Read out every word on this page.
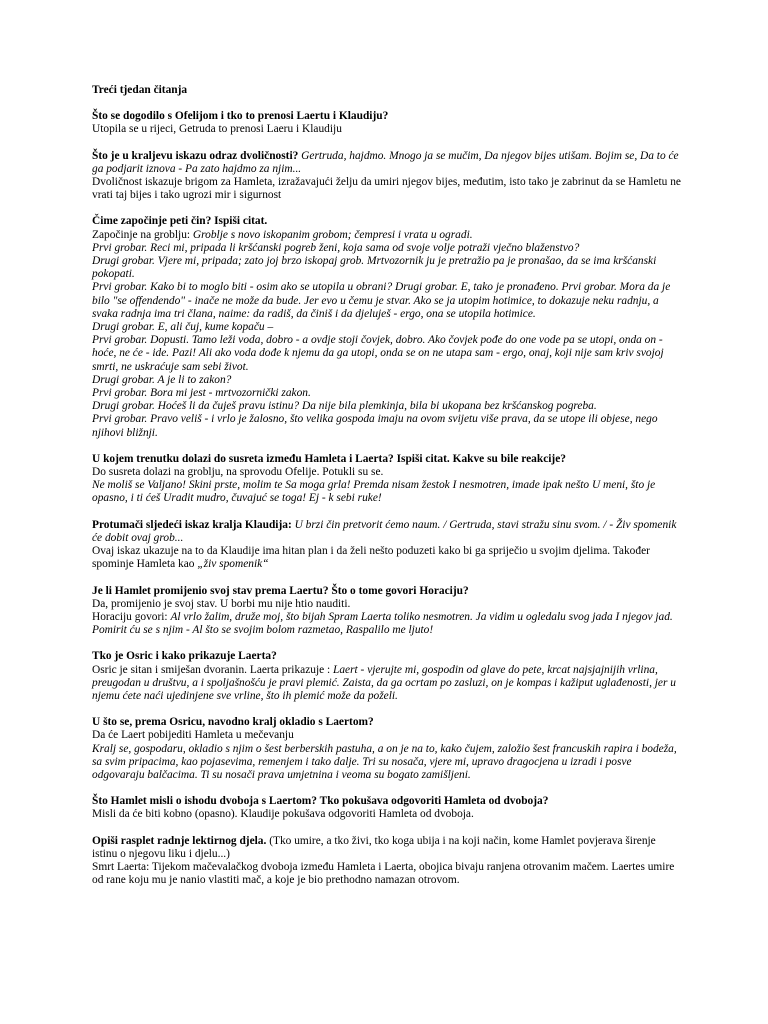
Treći tjedan čitanja
Što se dogodilo s Ofelijom i tko to prenosi Laertu i Klaudiju?
Utopila se u rijeci, Getruda to prenosi Laeru i Klaudiju
Što je u kraljevu iskazu odraz dvoličnosti? Gertruda, hajdmo. Mnogo ja se mučim, Da njegov bijes utišam. Bojim se, Da to će ga podjarit iznova - Pa zato hajdmo za njim...
Dvoličnost iskazuje brigom za Hamleta, izražavajući želju da umiri njegov bijes, međutim, isto tako je zabrinut da se Hamletu ne vrati taj bijes i tako ugrozi mir i sigurnost
Čime započinje peti čin? Ispiši citat.
Započinje na groblju: Groblje s novo iskopanim grobom; čempresi i vrata u ogradi.
Prvi grobar. Reci mi, pripada li kršćanski pogreb ženi, koja sama od svoje volje potraži vječno blaženstvo?
Drugi grobar. Vjere mi, pripada; zato joj brzo iskopaj grob. Mrtvozornik ju je pretražio pa je pronašao, da se ima kršćanski pokopati.
Prvi grobar. Kako bi to moglo biti - osim ako se utopila u obrani? Drugi grobar. E, tako je pronađeno. Prvi grobar. Mora da je bilo "se offendendo" - inače ne može da bude. Jer evo u čemu je stvar. Ako se ja utopim hotimice, to dokazuje neku radnju, a svaka radnja ima tri člana, naime: da radiš, da činiš i da djeluješ - ergo, ona se utopila hotimice.
Drugi grobar. E, ali čuj, kume kopaču –
Prvi grobar. Dopusti. Tamo leži voda, dobro - a ovdje stoji čovjek, dobro. Ako čovjek pođe do one vode pa se utopi, onda on - hoće, ne će - ide. Pazi! Ali ako voda dođe k njemu da ga utopi, onda se on ne utapa sam - ergo, onaj, koji nije sam kriv svojoj smrti, ne uskraćuje sam sebi život.
Drugi grobar. A je li to zakon?
Prvi grobar. Bora mi jest - mrtvozornički zakon.
Drugi grobar. Hoćeš li da čuješ pravu istinu? Da nije bila plemkinja, bila bi ukopana bez kršćanskog pogreba.
Prvi grobar. Pravo veliš - i vrlo je žalosno, što velika gospoda imaju na ovom svijetu više prava, da se utope ili objese, nego njihovi bližnji.
U kojem trenutku dolazi do susreta između Hamleta i Laerta? Ispiši citat. Kakve su bile reakcije?
Do susreta dolazi na groblju, na sprovodu Ofelije. Potukli su se.
Ne moliš se Valjano! Skini prste, molim te Sa moga grla! Premda nisam žestok I nesmotren, imade ipak nešto U meni, što je opasno, i ti ćeš Uradit mudro, čuvajuć se toga! Ej - k sebi ruke!
Protumači sljedeći iskaz kralja Klaudija: U brzi čin pretvorit ćemo naum. / Gertruda, stavi stražu sinu svom. / - Živ spomenik će dobit ovaj grob...
Ovaj iskaz ukazuje na to da Klaudije ima hitan plan i da želi nešto poduzeti kako bi ga spriječio u svojim djelima. Također spominje Hamleta kao „živ spomenik“
Je li Hamlet promijenio svoj stav prema Laertu? Što o tome govori Horaciju?
Da, promijenio je svoj stav. U borbi mu nije htio nauditi.
Horaciju govori: Al vrlo žalim, druže moj, što bijah Spram Laerta toliko nesmotren. Ja vidim u ogledalu svog jada I njegov jad. Pomirit ću se s njim - Al što se svojim bolom razmetao, Raspalilo me ljuto!
Tko je Osric i kako prikazuje Laerta?
Osric je sitan i smiješan dvoranin. Laerta prikazuje : Laert - vjerujte mi, gospodin od glave do pete, krcat najsjajnijih vrlina, preugodan u društvu, a i spoljašnošću je pravi plemić. Zaista, da ga ocrtam po zasluzi, on je kompas i kažiput uglađenosti, jer u njemu ćete naći ujedinjene sve vrline, što ih plemić može da poželi.
U što se, prema Osricu, navodno kralj okladio s Laertom?
Da će Laert pobijediti Hamleta u mečevanju
Kralj se, gospodaru, okladio s njim o šest berberskih pastuha, a on je na to, kako čujem, založio šest francuskih rapira i bodeža, sa svim pripacima, kao pojasevima, remenjem i tako dalje. Tri su nosača, vjere mi, upravo dragocjena u izradi i posve odgovaraju balčacima. Ti su nosači prava umjetnina i veoma su bogato zamišljeni.
Što Hamlet misli o ishodu dvoboja s Laertom? Tko pokušava odgovoriti Hamleta od dvoboja?
Misli da će biti kobno (opasno). Klaudije pokušava odgovoriti Hamleta od dvoboja.
Opiši rasplet radnje lektirnog djela. (Tko umire, a tko živi, tko koga ubija i na koji način, kome Hamlet povjerava širenje istinu o njegovu liku i djelu...)
Smrt Laerta: Tijekom mačevalačkog dvoboja između Hamleta i Laerta, obojica bivaju ranjena otrovanim mačem. Laertes umire od rane koju mu je nanio vlastiti mač, a koje je bio prethodno namazan otrovom.
